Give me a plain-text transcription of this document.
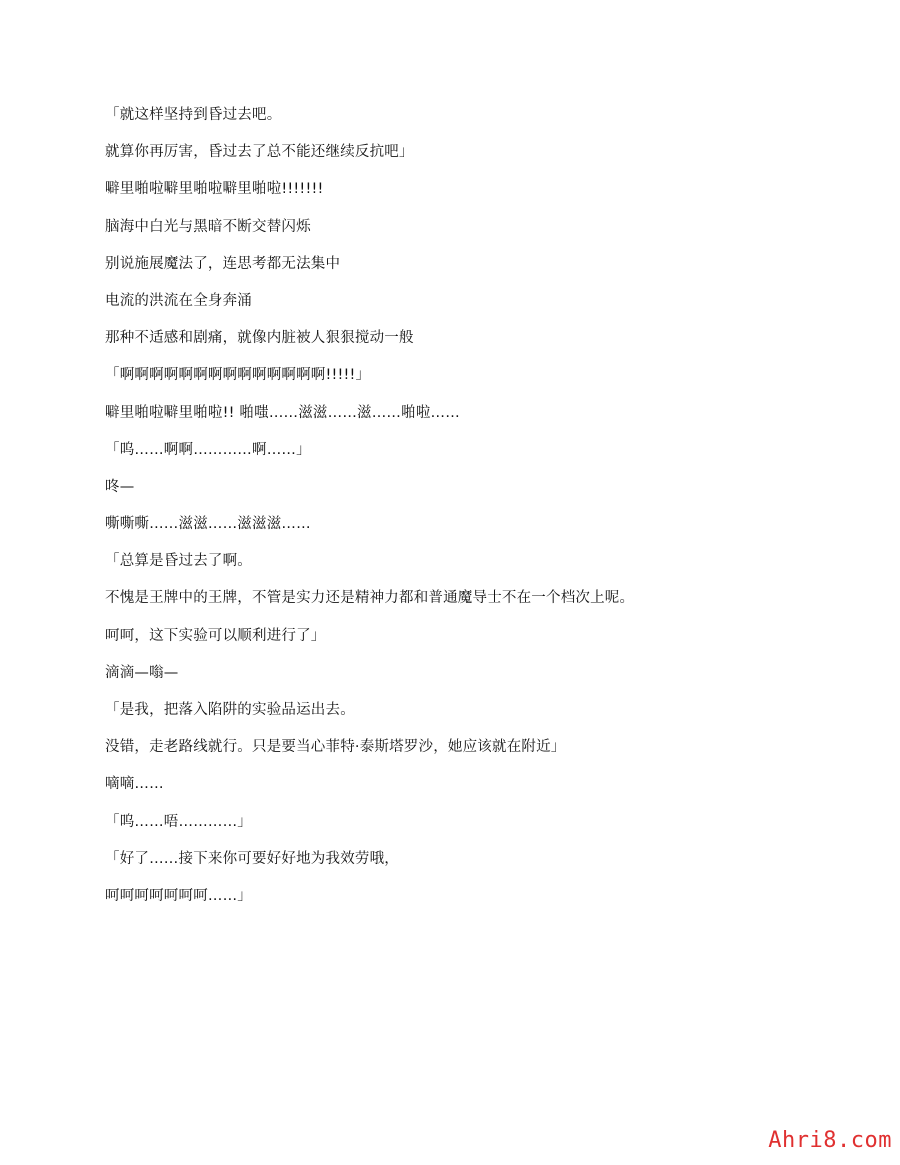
「就这样坚持到昏过去吧。
就算你再厉害，昏过去了总不能还继续反抗吧」
噼里啪啦噼里啪啦噼里啪啦!!!!!!!
脑海中白光与黑暗不断交替闪烁
别说施展魔法了，连思考都无法集中
电流的洪流在全身奔涌
那种不适感和剧痛，就像内脏被人狠狠搅动一般
「啊啊啊啊啊啊啊啊啊啊啊啊啊啊!!!!!」
噼里啪啦噼里啪啦!! 啪嗤……滋滋……滋……啪啦……
「呜……啊啊…………啊……」
咚—
嘶嘶嘶……滋滋……滋滋滋……
「总算是昏过去了啊。
不愧是王牌中的王牌，不管是实力还是精神力都和普通魔导士不在一个档次上呢。
呵呵，这下实验可以顺利进行了」
滴滴—嗡—
「是我，把落入陷阱的实验品运出去。
没错，走老路线就行。只是要当心菲特·泰斯塔罗沙，她应该就在附近」
嘀嘀……
「呜……唔…………」
「好了……接下来你可要好好地为我效劳哦，
呵呵呵呵呵呵呵……」
Ahri8.com
